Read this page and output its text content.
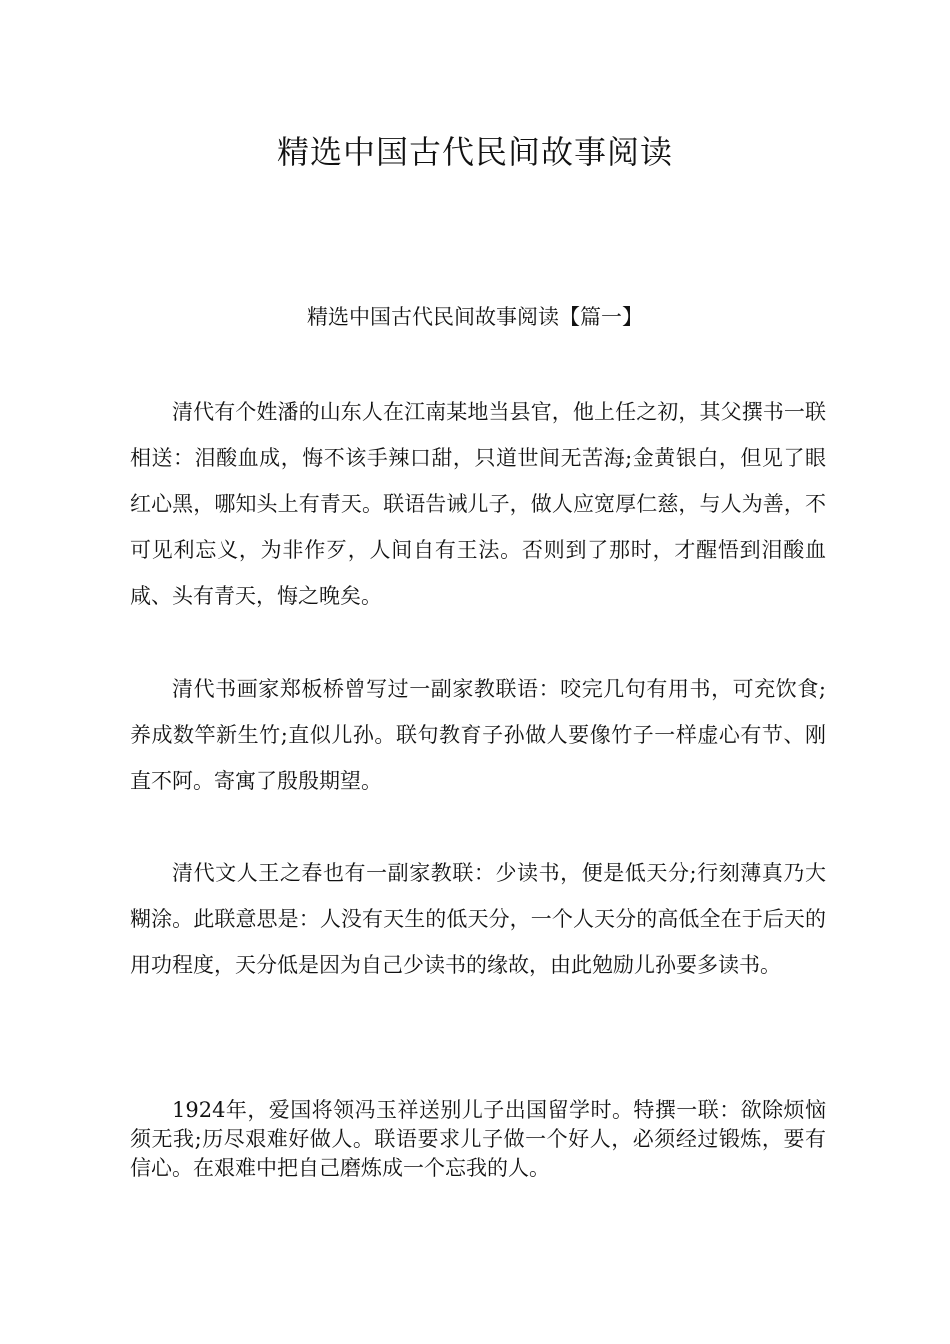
精选中国古代民间故事阅读
精选中国古代民间故事阅读【篇一】

清代有个姓潘的山东人在江南某地当县官，他上任之初，其父撰书一联相送：泪酸血成，悔不该手辣口甜，只道世间无苦海;金黄银白，但见了眼红心黑，哪知头上有青天。联语告诫儿子，做人应宽厚仁慈，与人为善，不可见利忘义，为非作歹，人间自有王法。否则到了那时，才醒悟到泪酸血咸、头有青天，悔之晚矣。

清代书画家郑板桥曾写过一副家教联语：咬完几句有用书，可充饮食;养成数竿新生竹;直似儿孙。联句教育子孙做人要像竹子一样虚心有节、刚直不阿。寄寓了殷殷期望。

清代文人王之春也有一副家教联：少读书，便是低天分;行刻薄真乃大糊涂。此联意思是：人没有天生的低天分，一个人天分的高低全在于后天的用功程度，天分低是因为自己少读书的缘故，由此勉励儿孙要多读书。

1924年，爱国将领冯玉祥送别儿子出国留学时。特撰一联：欲除烦恼须无我;历尽艰难好做人。联语要求儿子做一个好人，必须经过锻炼，要有信心。在艰难中把自己磨炼成一个忘我的人。
